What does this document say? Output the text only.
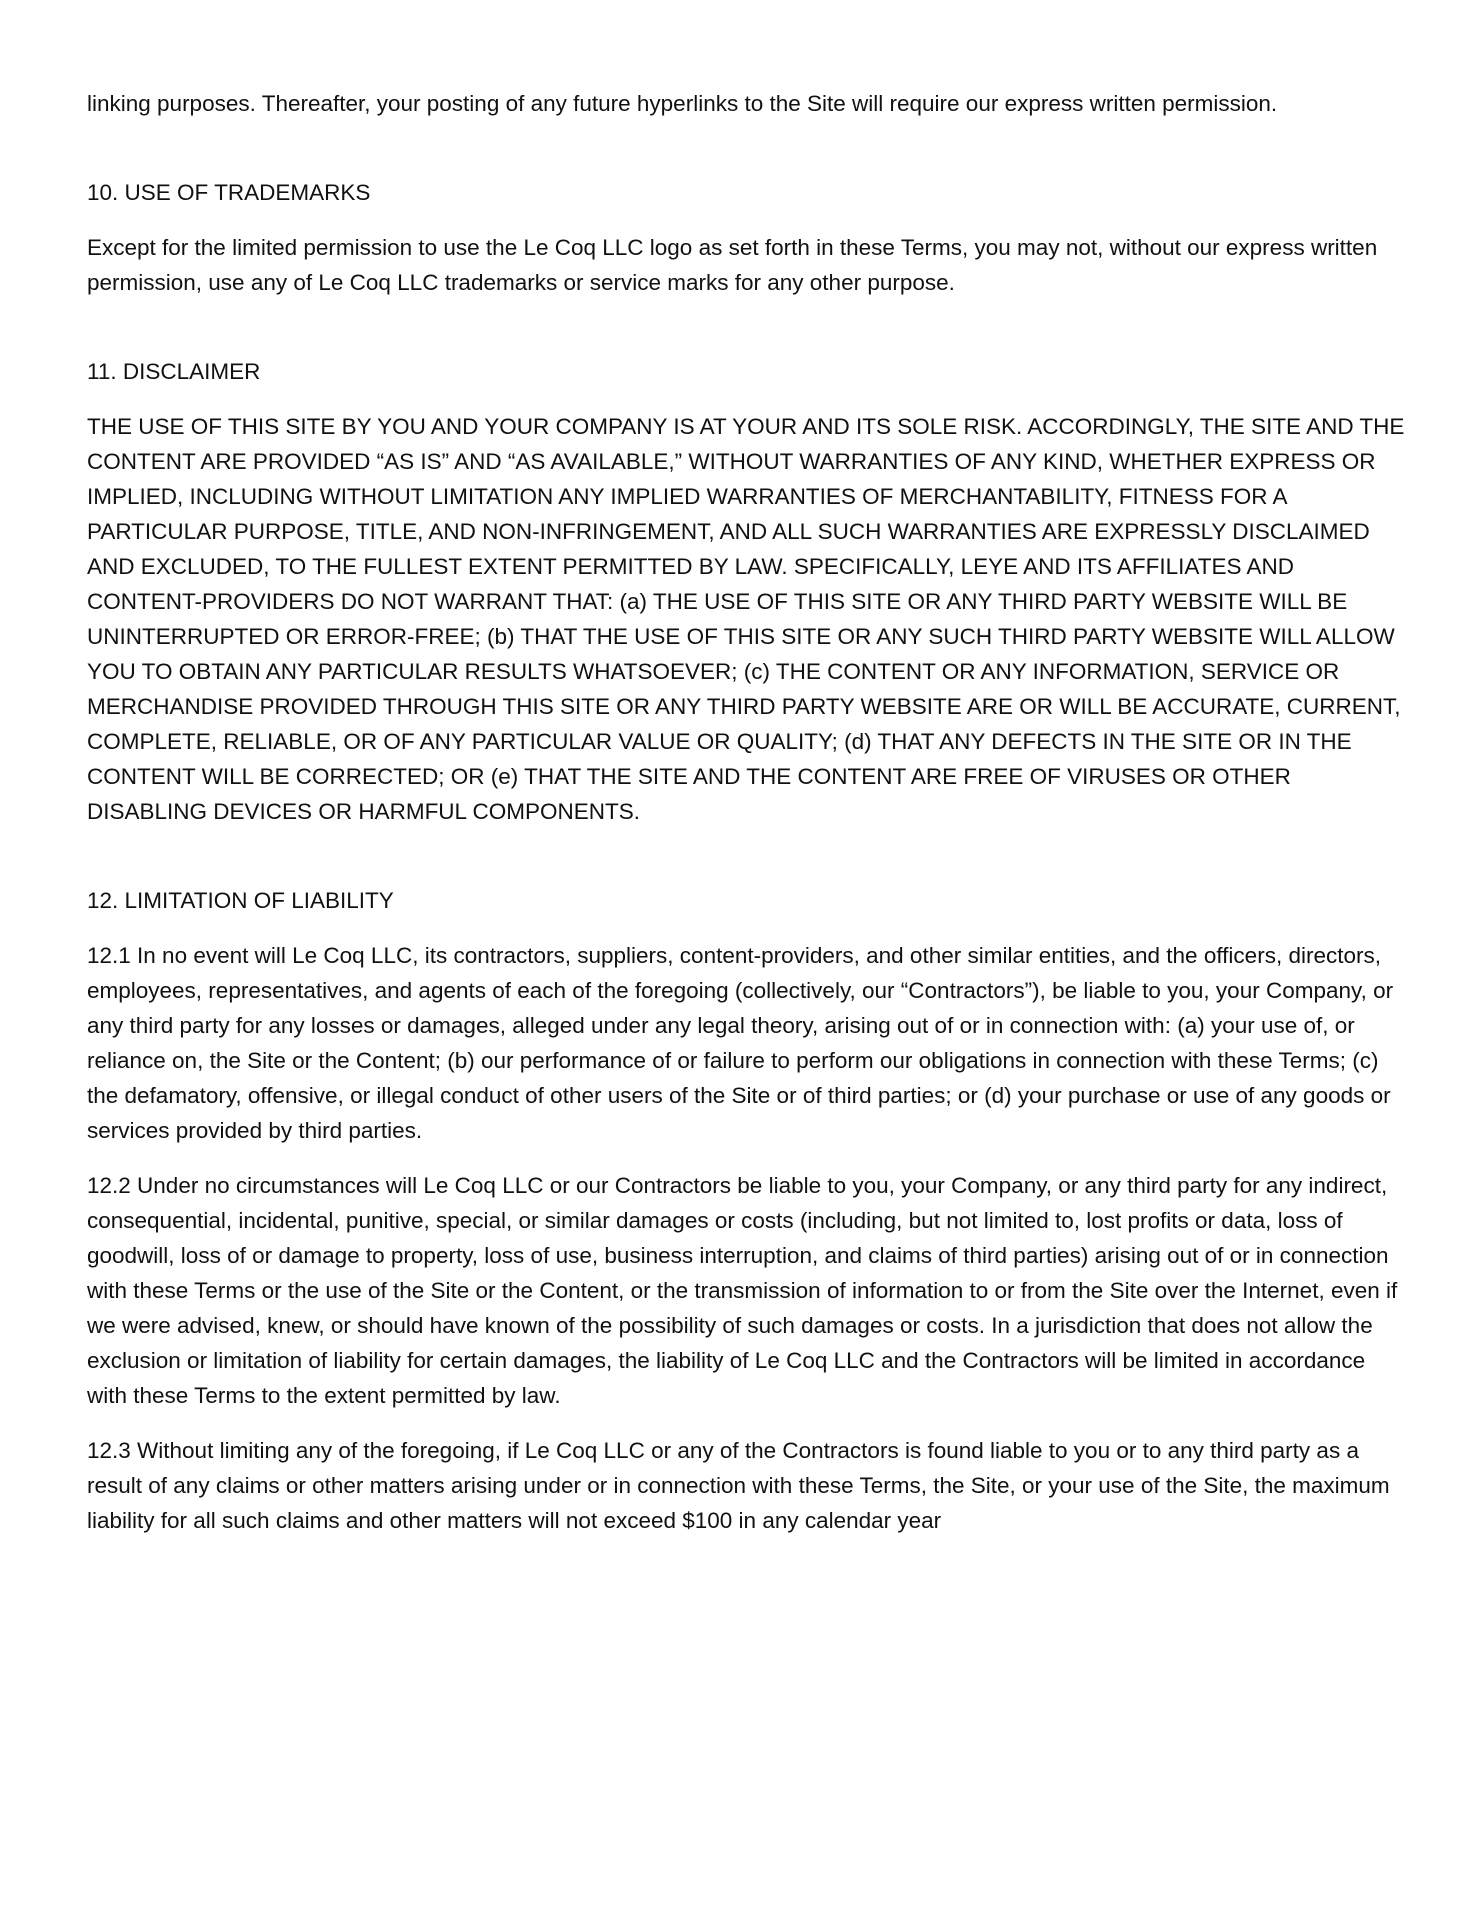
linking purposes. Thereafter, your posting of any future hyperlinks to the Site will require our express written permission.

10. USE OF TRADEMARKS

Except for the limited permission to use the Le Coq LLC logo as set forth in these Terms, you may not, without our express written permission, use any of Le Coq LLC trademarks or service marks for any other purpose.

11. DISCLAIMER

THE USE OF THIS SITE BY YOU AND YOUR COMPANY IS AT YOUR AND ITS SOLE RISK. ACCORDINGLY, THE SITE AND THE CONTENT ARE PROVIDED “AS IS” AND “AS AVAILABLE,” WITHOUT WARRANTIES OF ANY KIND, WHETHER EXPRESS OR IMPLIED, INCLUDING WITHOUT LIMITATION ANY IMPLIED WARRANTIES OF MERCHANTABILITY, FITNESS FOR A PARTICULAR PURPOSE, TITLE, AND NON-INFRINGEMENT, AND ALL SUCH WARRANTIES ARE EXPRESSLY DISCLAIMED AND EXCLUDED, TO THE FULLEST EXTENT PERMITTED BY LAW. SPECIFICALLY, LEYE AND ITS AFFILIATES AND CONTENT-PROVIDERS DO NOT WARRANT THAT: (a) THE USE OF THIS SITE OR ANY THIRD PARTY WEBSITE WILL BE UNINTERRUPTED OR ERROR-FREE; (b) THAT THE USE OF THIS SITE OR ANY SUCH THIRD PARTY WEBSITE WILL ALLOW YOU TO OBTAIN ANY PARTICULAR RESULTS WHATSOEVER; (c) THE CONTENT OR ANY INFORMATION, SERVICE OR MERCHANDISE PROVIDED THROUGH THIS SITE OR ANY THIRD PARTY WEBSITE ARE OR WILL BE ACCURATE, CURRENT, COMPLETE, RELIABLE, OR OF ANY PARTICULAR VALUE OR QUALITY; (d) THAT ANY DEFECTS IN THE SITE OR IN THE CONTENT WILL BE CORRECTED; OR (e) THAT THE SITE AND THE CONTENT ARE FREE OF VIRUSES OR OTHER DISABLING DEVICES OR HARMFUL COMPONENTS.

12. LIMITATION OF LIABILITY

12.1 In no event will Le Coq LLC, its contractors, suppliers, content-providers, and other similar entities, and the officers, directors, employees, representatives, and agents of each of the foregoing (collectively, our “Contractors”), be liable to you, your Company, or any third party for any losses or damages, alleged under any legal theory, arising out of or in connection with: (a) your use of, or reliance on, the Site or the Content; (b) our performance of or failure to perform our obligations in connection with these Terms; (c) the defamatory, offensive, or illegal conduct of other users of the Site or of third parties; or (d) your purchase or use of any goods or services provided by third parties.

12.2 Under no circumstances will Le Coq LLC or our Contractors be liable to you, your Company, or any third party for any indirect, consequential, incidental, punitive, special, or similar damages or costs (including, but not limited to, lost profits or data, loss of goodwill, loss of or damage to property, loss of use, business interruption, and claims of third parties) arising out of or in connection with these Terms or the use of the Site or the Content, or the transmission of information to or from the Site over the Internet, even if we were advised, knew, or should have known of the possibility of such damages or costs. In a jurisdiction that does not allow the exclusion or limitation of liability for certain damages, the liability of Le Coq LLC and the Contractors will be limited in accordance with these Terms to the extent permitted by law.

12.3 Without limiting any of the foregoing, if Le Coq LLC or any of the Contractors is found liable to you or to any third party as a result of any claims or other matters arising under or in connection with these Terms, the Site, or your use of the Site, the maximum liability for all such claims and other matters will not exceed $100 in any calendar year
